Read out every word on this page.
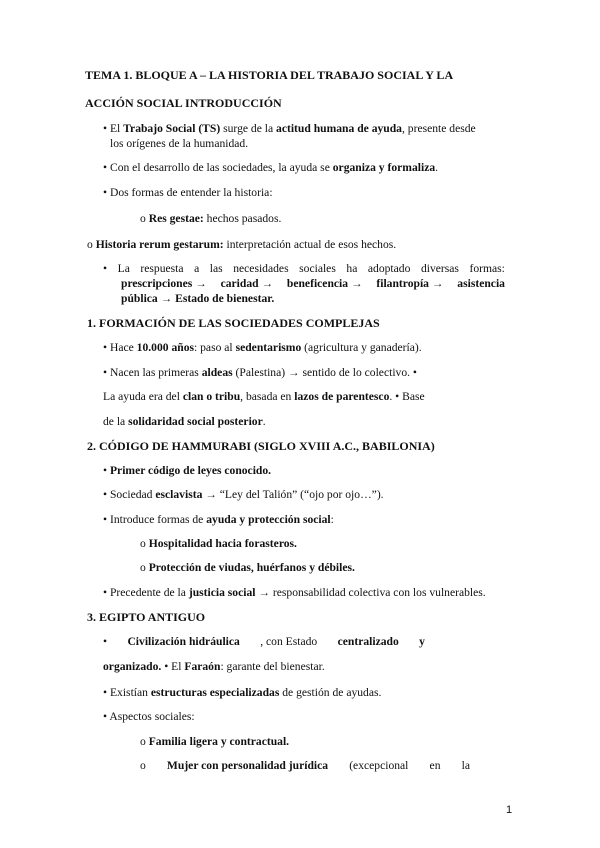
TEMA 1. BLOQUE A – LA HISTORIA DEL TRABAJO SOCIAL Y LA
ACCIÓN SOCIAL INTRODUCCIÓN
• El Trabajo Social (TS) surge de la actitud humana de ayuda, presente desde
los orígenes de la humanidad.
• Con el desarrollo de las sociedades, la ayuda se organiza y formaliza.
• Dos formas de entender la historia:
o Res gestae: hechos pasados.
o Historia rerum gestarum: interpretación actual de esos hechos.
• La respuesta a las necesidades sociales ha adoptado diversas formas:
prescripciones → caridad → beneficencia → filantropía → asistencia
pública → Estado de bienestar.
1. FORMACIÓN DE LAS SOCIEDADES COMPLEJAS
• Hace 10.000 años: paso al sedentarismo (agricultura y ganadería).
• Nacen las primeras aldeas (Palestina) → sentido de lo colectivo. •
La ayuda era del clan o tribu, basada en lazos de parentesco. • Base
de la solidaridad social posterior.
2. CÓDIGO DE HAMMURABI (SIGLO XVIII A.C., BABILONIA)
• Primer código de leyes conocido.
• Sociedad esclavista → “Ley del Talión” (“ojo por ojo…”).
• Introduce formas de ayuda y protección social:
o Hospitalidad hacia forasteros.
o Protección de viudas, huérfanos y débiles.
• Precedente de la justicia social → responsabilidad colectiva con los vulnerables.
3. EGIPTO ANTIGUO
• Civilización hidráulica , con Estado centralizado y
organizado. • El Faraón: garante del bienestar.
• Existían estructuras especializadas de gestión de ayudas.
• Aspectos sociales:
o Familia ligera y contractual.
o Mujer con personalidad jurídica (excepcional en la
1
